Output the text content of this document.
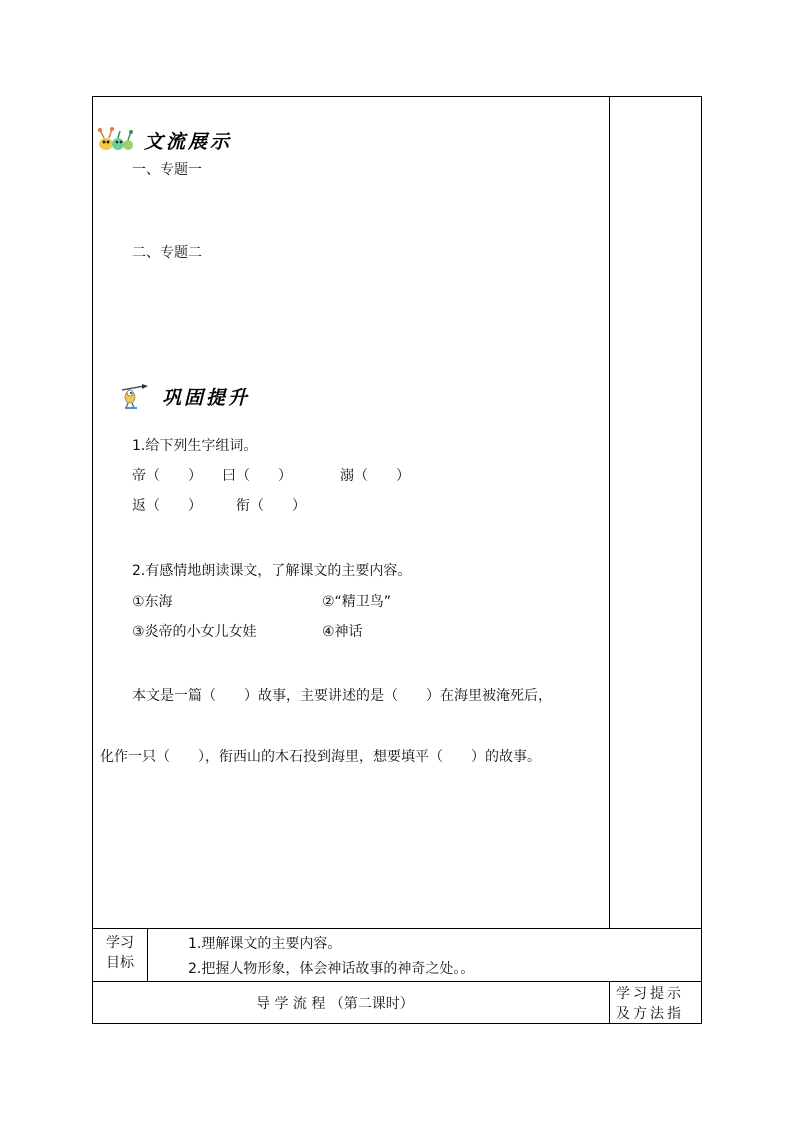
文流展示
一、专题一
二、专题二
巩固提升
1.给下列生字组词。
帝（　　） 曰（　　）	溺（　　）
返（　　） 衔（　　）
2.有感情地朗读课文，了解课文的主要内容。
①东海	②“精卫鸟”
③炎帝的小女儿女娃	④神话
本文是一篇（　　）故事，主要讲述的是（　　）在海里被淹死后，
化作一只（　　），衔西山的木石投到海里，想要填平（　　）的故事。
学习
目标
1.理解课文的主要内容。
2.把握人物形象，体会神话故事的神奇之处。。
导 学 流 程 （第二课时）
学习提示
及方法指
